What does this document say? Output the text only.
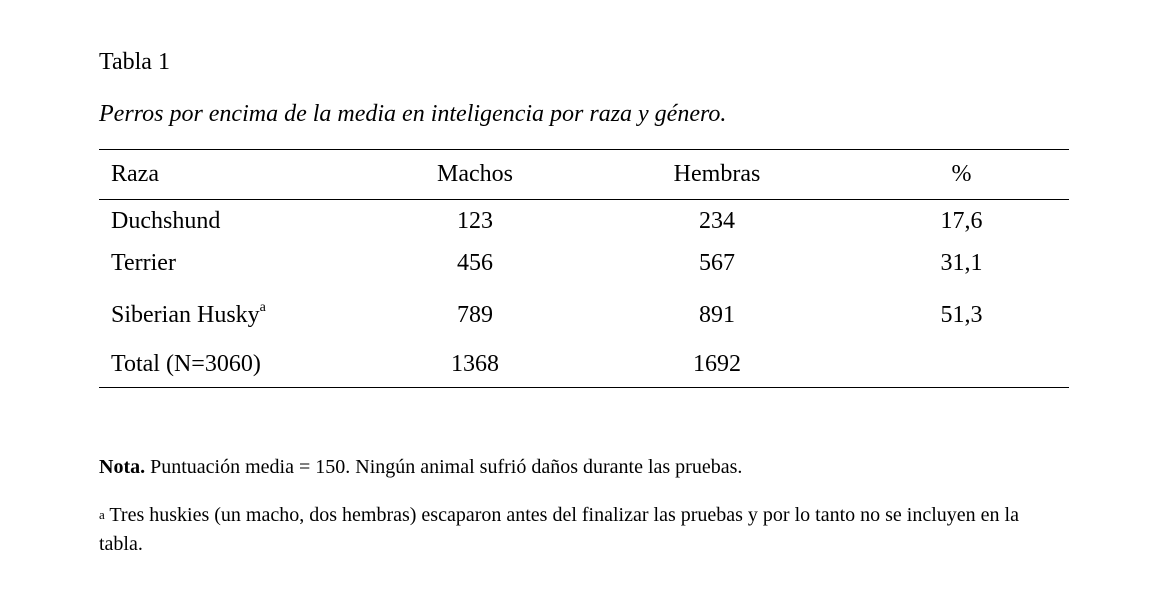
Tabla 1

Perros por encima de la media en inteligencia por raza y género.

Raza	Machos	Hembras	%
Duchshund	123	234	17,6
Terrier	456	567	31,1
Siberian Husky$^a$	789	891	51,3
Total (N=3060)	1368	1692	

Nota. Puntuación media = 150. Ningún animal sufrió daños durante las pruebas.

$^a$ Tres huskies (un macho, dos hembras) escaparon antes del finalizar las pruebas y por lo tanto no se incluyen en la tabla.
